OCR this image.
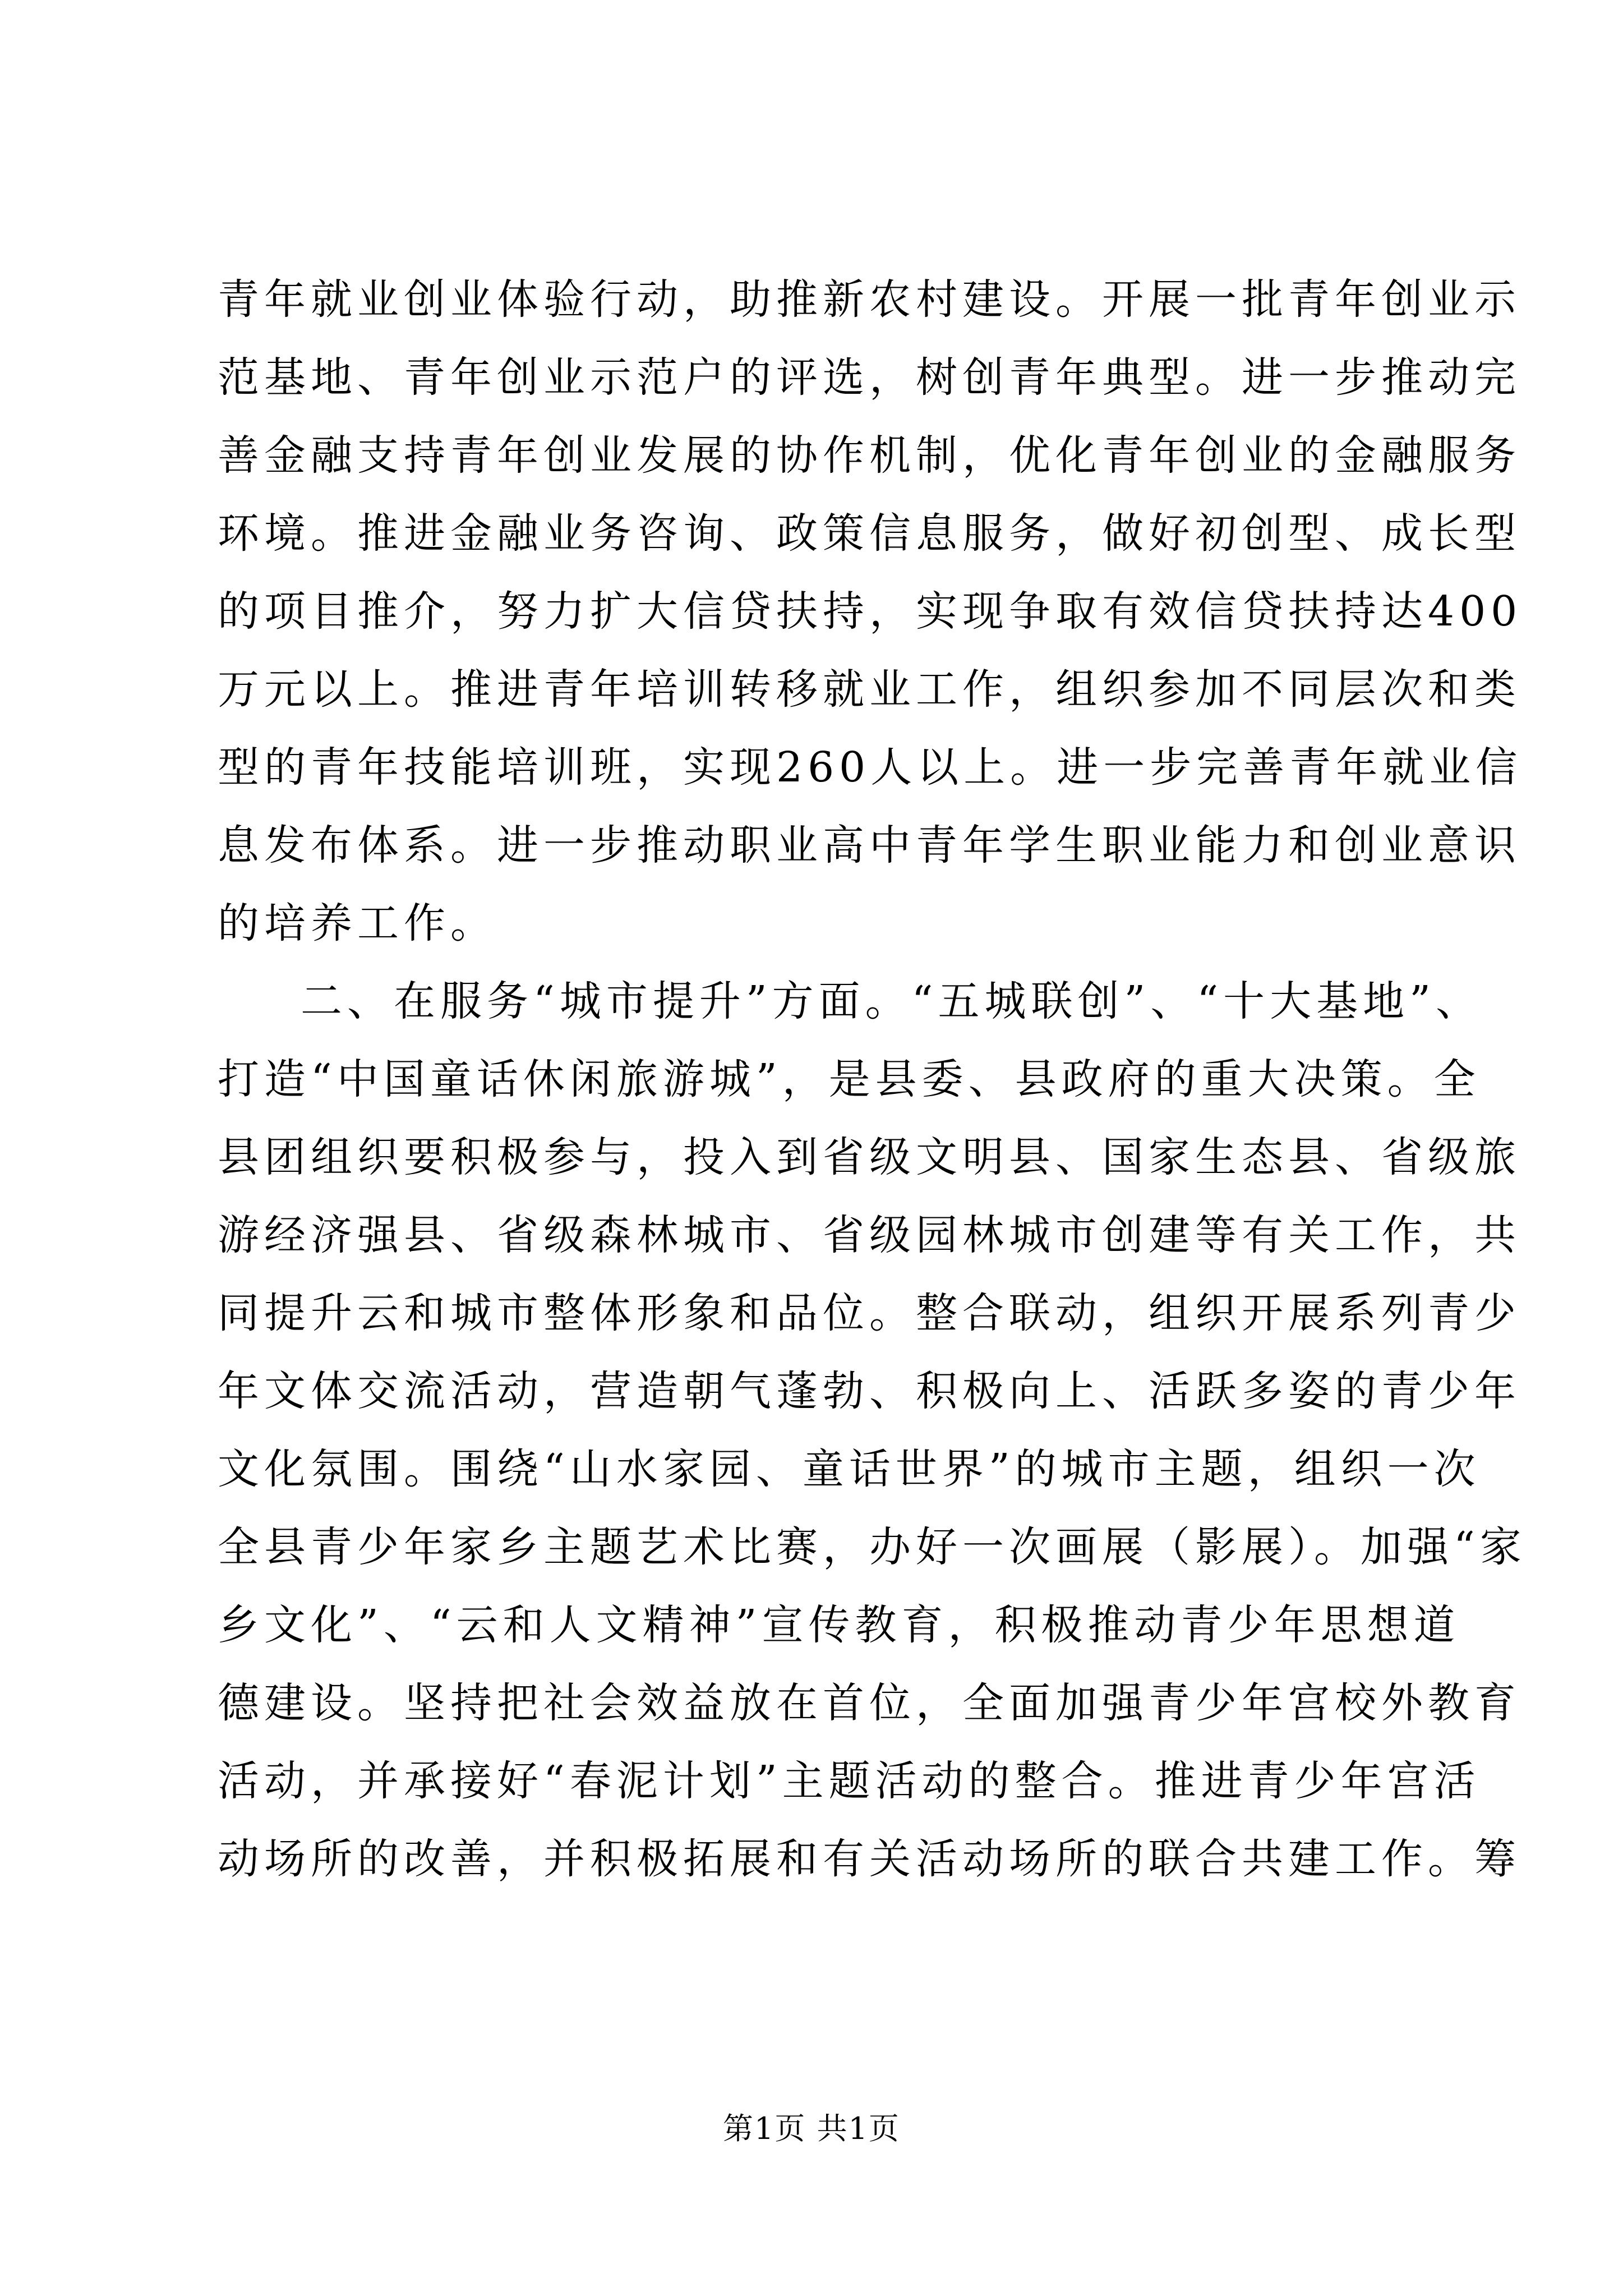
青年就业创业体验行动，助推新农村建设。开展一批青年创业示
范基地、青年创业示范户的评选，树创青年典型。进一步推动完
善金融支持青年创业发展的协作机制，优化青年创业的金融服务
环境。推进金融业务咨询、政策信息服务，做好初创型、成长型
的项目推介，努力扩大信贷扶持，实现争取有效信贷扶持达400
万元以上。推进青年培训转移就业工作，组织参加不同层次和类
型的青年技能培训班，实现260人以上。进一步完善青年就业信
息发布体系。进一步推动职业高中青年学生职业能力和创业意识
的培养工作。
二、在服务“城市提升”方面。“五城联创”、“十大基地”、
打造“中国童话休闲旅游城”，是县委、县政府的重大决策。全
县团组织要积极参与，投入到省级文明县、国家生态县、省级旅
游经济强县、省级森林城市、省级园林城市创建等有关工作，共
同提升云和城市整体形象和品位。整合联动，组织开展系列青少
年文体交流活动，营造朝气蓬勃、积极向上、活跃多姿的青少年
文化氛围。围绕“山水家园、童话世界”的城市主题，组织一次
全县青少年家乡主题艺术比赛，办好一次画展（影展）。加强“家
乡文化”、“云和人文精神”宣传教育，积极推动青少年思想道
德建设。坚持把社会效益放在首位，全面加强青少年宫校外教育
活动，并承接好“春泥计划”主题活动的整合。推进青少年宫活
动场所的改善，并积极拓展和有关活动场所的联合共建工作。筹
第1页 共1页
